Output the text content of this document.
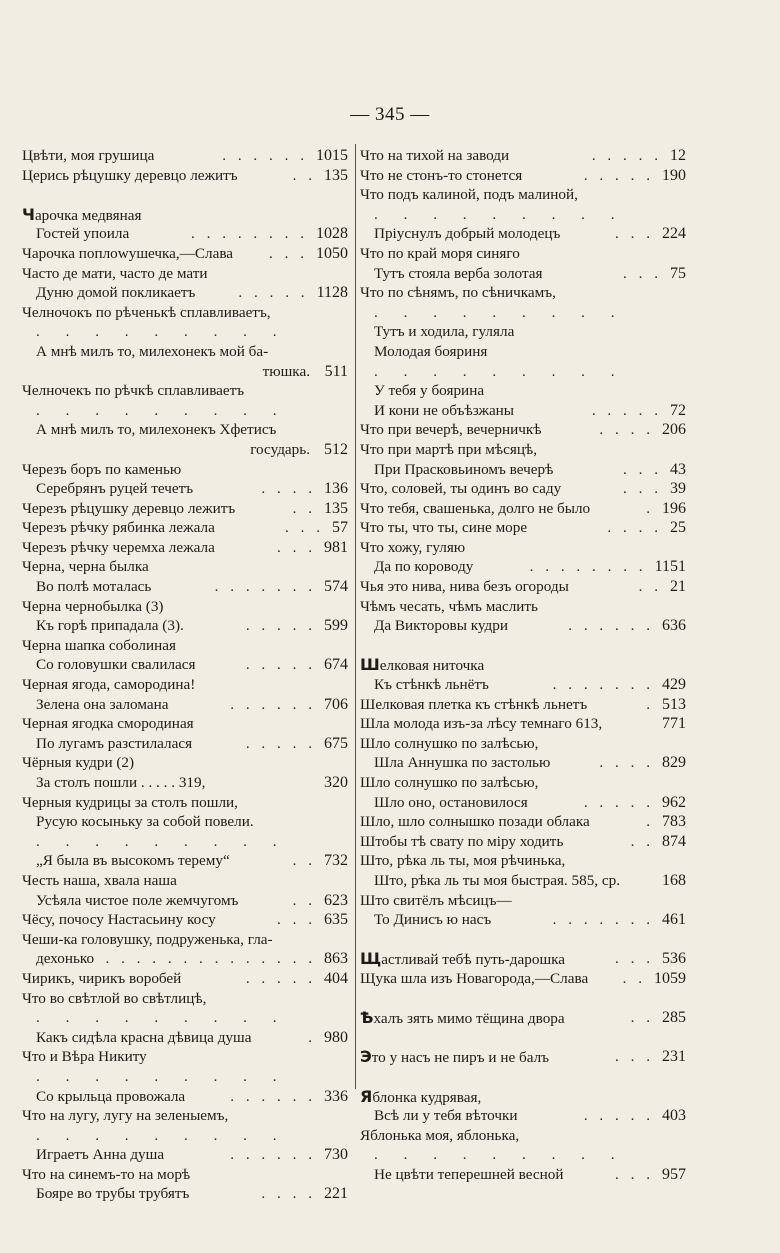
— 345 —
Цвѣти, моя грушица	. . . . . . 1015
Церись рѣцушку деревцо лежитъ	. . 135
Чарочка медвяная
Гостей упоила	. . . . . . . . 1028
Чарочка поплowушечка,—Слава . . . 1050
Часто де мати, часто де мати
Дуню домой покликаетъ	. . . . . 1128
Челночокъ по рѣченькѣ сплавливаетъ,
. . . . . . . . .
А мнѣ милъ то, милехонекъ мой ба-
тюшка. 511
Челночекъ по рѣчкѣ сплавливаетъ
. . . . . . . . .
А мнѣ милъ то, милехонекъ Хфетисъ
государь. 512
Черезъ боръ по каменью
Серебрянъ руцей течетъ	. . . . 136
Черезъ рѣцушку деревцо лежитъ	. . 135
Черезъ рѣчку рябинка лежала	. . . 57
Черезъ рѣчку черемха лежала	. . . 981
Черна, черна былка
Во полѣ моталась	. . . . . . . 574
Черна чернобылка (3)
Къ горѣ припадала (3).	. . . . . 599
Черна шапка соболиная
Со головушки свалилася	. . . . . 674
Черная ягода, самородина!
Зелена она заломана	. . . . . . 706
Черная ягодка смородиная
По лугамъ разстилалася	. . . . . 675
Чёрныя кудри (2)
За столъ пошли . . . . . 319,	320
Черныя кудрицы за столъ пошли,
Русую косыньку за собой повели.
. . . . . . . . .
„Я была въ высокомъ терему“	. . 732
Честь наша, хвала наша
Усѣяла чистое поле жемчугомъ	. . 623
Чёсу, почосу Настасьину косу	. . . 635
Чеши-ка головушку, подруженька, гла-
дехонько . . . . . . . . . . . . . . 863
Чирикъ, чирикъ воробей	. . . . . 404
Что во свѣтлой во свѣтлицѣ,
. . . . . . . . .
Какъ сидѣла красна дѣвица душа	. 980
Что и Вѣра Никиту
. . . . . . . . .
Со крыльца провожала	. . . . . . 336
Что на лугу, лугу на зеленыемъ,
. . . . . . . . .
Играетъ Анна душа	. . . . . . 730
Что на синемъ-то на морѣ
Бояре во трубы трубятъ	. . . . 221
Что на тихой на заводи	. . . . . 12
Что не стонъ-то стонется	. . . . . 190
Что подъ калиной, подъ малиной,
. . . . . . . . .
Пріуснулъ добрый молодецъ	. . . 224
Что по край моря синяго
Тутъ стояла верба золотая	. . . 75
Что по сѣнямъ, по сѣничкамъ,
. . . . . . . . .
Тутъ и ходила, гуляла
Молодая бояриня
. . . . . . . . .
У тебя у боярина
И кони не объѣзжаны	. . . . . 72
Что при вечерѣ, вечерничкѣ	. . . . 206
Что при мартѣ при мѣсяцѣ,
При Прасковьиномъ вечерѣ	. . . 43
Что, соловей, ты одинъ во саду	. . . 39
Что тебя, свашенька, долго не было	. 196
Что ты, что ты, сине море	. . . . 25
Что хожу, гуляю
Да по короводу	. . . . . . . . 1151
Чья это нива, нива безъ огороды	. . 21
Чѣмъ чесать, чѣмъ маслить
Да Викторовы кудри	. . . . . . 636
Шелковая ниточка
Къ стѣнкѣ льнётъ	. . . . . . . 429
Шелковая плетка къ стѣнкѣ льнетъ	. 513
Шла молода изъ-за лѣсу темнаго 613,	771
Шло солнушко по залѣсью,
Шла Аннушка по застолью	. . . . 829
Шло солнушко по залѣсью,
Шло оно, остановилося	. . . . . 962
Шло, шло солнышко позади облака	. 783
Штобы тѣ свату по міру ходить	. . 874
Што, рѣка ль ты, моя рѣчинька,
Што, рѣка ль ты моя быстрая. 585, ср.	168
Што свитёлъ мѣсицъ—
То Динисъ ю насъ	. . . . . . . 461
Щастливай тебѣ путь-дарошка	. . . 536
Щука шла изъ Новагорода,—Слава . . 1059
Ѣхалъ зять мимо тёщина двора	. . 285
Это у насъ не пиръ и не балъ	. . . 231
Яблонка кудрявая,
Всѣ ли у тебя вѣточки	. . . . . 403
Яблонька моя, яблонька,
. . . . . . . . .
Не цвѣти теперешней весной	. . . 957
